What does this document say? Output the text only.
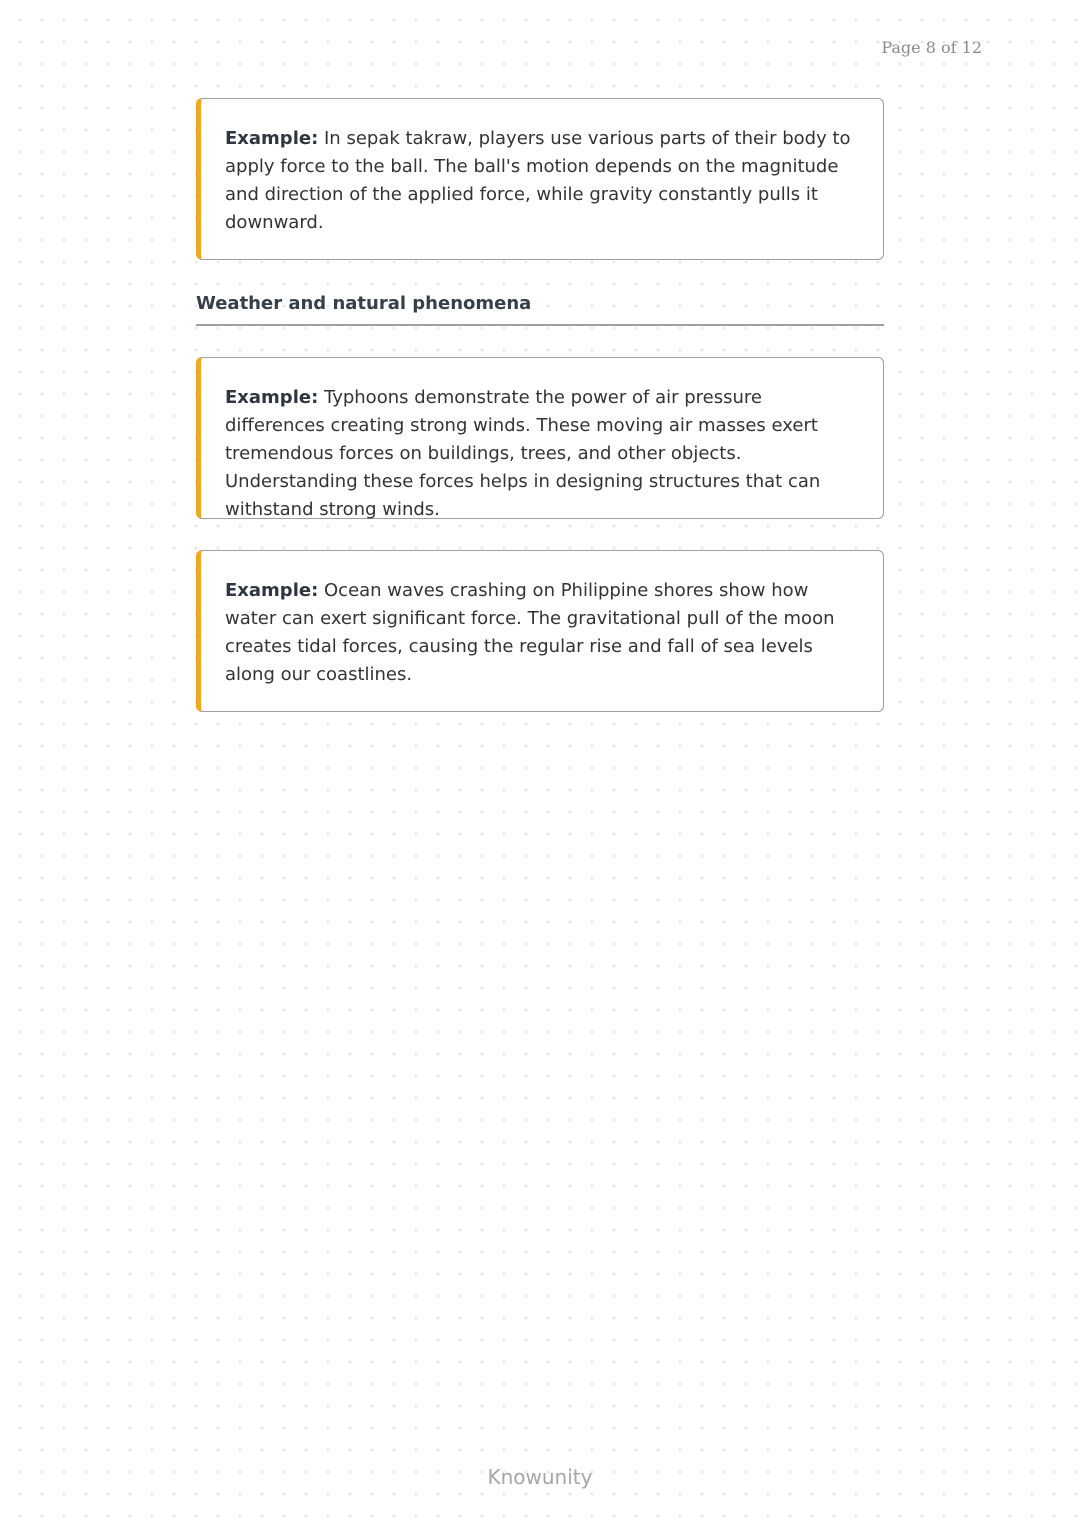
Page 8 of 12

Example: In sepak takraw, players use various parts of their body to apply force to the ball. The ball's motion depends on the magnitude and direction of the applied force, while gravity constantly pulls it downward.

Weather and natural phenomena

Example: Typhoons demonstrate the power of air pressure differences creating strong winds. These moving air masses exert tremendous forces on buildings, trees, and other objects. Understanding these forces helps in designing structures that can withstand strong winds.

Example: Ocean waves crashing on Philippine shores show how water can exert significant force. The gravitational pull of the moon creates tidal forces, causing the regular rise and fall of sea levels along our coastlines.

Knowunity
